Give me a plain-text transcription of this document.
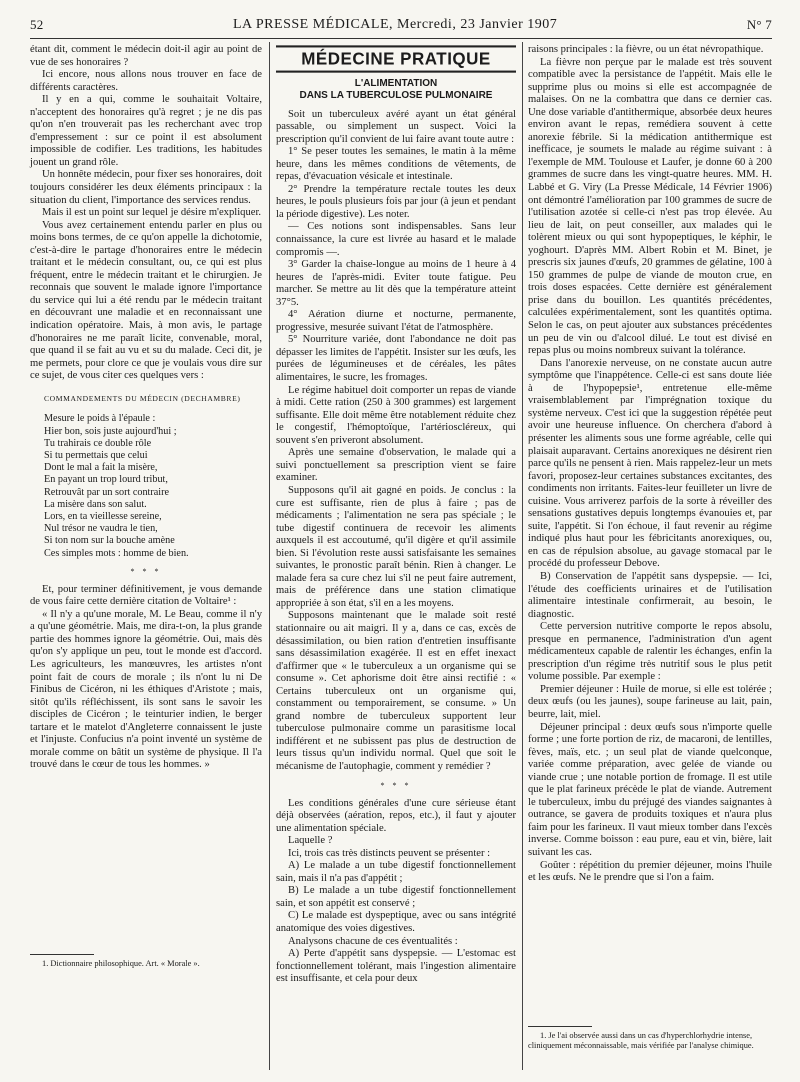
52	LA PRESSE MÉDICALE, Mercredi, 23 Janvier 1907	N° 7

étant dit, comment le médecin doit-il agir au point de vue de ses honoraires ?

Ici encore, nous allons nous trouver en face de différents caractères.

Il y en a qui, comme le souhaitait Voltaire, n'acceptent des honoraires qu'à regret ; je ne dis pas qu'on n'en trouverait pas les recherchant avec trop d'empressement : sur ce point il est absolument impossible de codifier. Les traditions, les habitudes jouent un grand rôle.

Un honnête médecin, pour fixer ses honoraires, doit toujours considérer les deux éléments principaux : la situation du client, l'importance des services rendus.

Mais il est un point sur lequel je désire m'expliquer.

Vous avez certainement entendu parler en plus ou moins bons termes, de ce qu'on appelle la dichotomie, c'est-à-dire le partage d'honoraires entre le médecin traitant et le médecin consultant, ou, ce qui est plus fréquent, entre le médecin traitant et le chirurgien. Je reconnais que souvent le malade ignore l'importance du service qui lui a été rendu par le médecin traitant en découvrant une maladie et en reconnaissant une indication opératoire. Mais, à mon avis, le partage d'honoraires ne me paraît licite, convenable, moral, que quand il se fait au vu et su du malade. Ceci dit, je me permets, pour clore ce que je voulais vous dire sur ce sujet, de vous citer ces quelques vers :

COMMANDEMENTS DU MÉDECIN (DECHAMBRE)

Mesure le poids à l'épaule :
Hier bon, sois juste aujourd'hui ;
Tu trahirais ce double rôle
Si tu permettais que celui
Dont le mal a fait la misère,
En payant un trop lourd tribut,
Retrouvât par un sort contraire
La misère dans son salut.
Lors, en ta vieillesse sereine,
Nul trésor ne vaudra le tien,
Si ton nom sur la bouche amène
Ces simples mots : homme de bien.
* * *

Et, pour terminer définitivement, je vous demande de vous faire cette dernière citation de Voltaire¹ :

« Il n'y a qu'une morale, M. Le Beau, comme il n'y a qu'une géométrie. Mais, me dira-t-on, la plus grande partie des hommes ignore la géométrie. Oui, mais dès qu'on s'y applique un peu, tout le monde est d'accord. Les agriculteurs, les manœuvres, les artistes n'ont point fait de cours de morale ; ils n'ont lu ni De Finibus de Cicéron, ni les éthiques d'Aristote ; mais, sitôt qu'ils réfléchissent, ils sont sans le savoir les disciples de Cicéron ; le teinturier indien, le berger tartare et le matelot d'Angleterre connaissent le juste et l'injuste. Confucius n'a point inventé un système de morale comme on bâtit un système de physique. Il l'a trouvé dans le cœur de tous les hommes. »

1. Dictionnaire philosophique. Art. « Morale ».

MÉDECINE PRATIQUE
L'ALIMENTATION
DANS LA TUBERCULOSE PULMONAIRE

Soit un tuberculeux avéré ayant un état général passable, ou simplement un suspect. Voici la prescription qu'il convient de lui faire avant toute autre :

1° Se peser toutes les semaines, le matin à la même heure, dans les mêmes conditions de vêtements, de repas, d'évacuation vésicale et intestinale.

2° Prendre la température rectale toutes les deux heures, le pouls plusieurs fois par jour (à jeun et pendant la période digestive). Les noter.

— Ces notions sont indispensables. Sans leur connaissance, la cure est livrée au hasard et le malade compromis —.

3° Garder la chaise-longue au moins de 1 heure à 4 heures de l'après-midi. Eviter toute fatigue. Peu marcher. Se mettre au lit dès que la température atteint 37°5.

4° Aération diurne et nocturne, permanente, progressive, mesurée suivant l'état de l'atmosphère.

5° Nourriture variée, dont l'abondance ne doit pas dépasser les limites de l'appétit. Insister sur les œufs, les purées de légumineuses et de céréales, les pâtes alimentaires, le sucre, les fromages.

Le régime habituel doit comporter un repas de viande à midi. Cette ration (250 à 300 grammes) est largement suffisante. Elle doit même être notablement réduite chez le congestif, l'hémoptoïque, l'artérioscléreux, qui souvent s'en priveront absolument.

Après une semaine d'observation, le malade qui a suivi ponctuellement sa prescription vient se faire examiner.

Supposons qu'il ait gagné en poids. Je conclus : la cure est suffisante, rien de plus à faire ; pas de médicaments ; l'alimentation ne sera pas spéciale ; le tube digestif continuera de recevoir les aliments auxquels il est accoutumé, qu'il digère et qu'il assimile bien. Si l'évolution reste aussi satisfaisante les semaines suivantes, le pronostic paraît bénin. Rien à changer. Le malade fera sa cure chez lui s'il ne peut faire autrement, mais de préférence dans une station climatique appropriée à son état, s'il en a les moyens.

Supposons maintenant que le malade soit resté stationnaire ou ait maigri. Il y a, dans ce cas, excès de désassimilation, ou bien ration d'entretien insuffisante sans désassimilation exagérée. Il est en effet inexact d'affirmer que « le tuberculeux a un organisme qui se consume ». Cet aphorisme doit être ainsi rectifié : « Certains tuberculeux ont un organisme qui, constamment ou temporairement, se consume. » Un grand nombre de tuberculeux supportent leur tuberculose pulmonaire comme un parasitisme local indifférent et ne subissent pas plus de destruction de leurs tissus qu'un individu normal. Quel que soit le mécanisme de l'autophagie, comment y remédier ?

* * *

Les conditions générales d'une cure sérieuse étant déjà observées (aération, repos, etc.), il faut y ajouter une alimentation spéciale.

Laquelle ?

Ici, trois cas très distincts peuvent se présenter :

A) Le malade a un tube digestif fonctionnellement sain, mais il n'a pas d'appétit ;

B) Le malade a un tube digestif fonctionnellement sain, et son appétit est conservé ;

C) Le malade est dyspeptique, avec ou sans intégrité anatomique des voies digestives.

Analysons chacune de ces éventualités :

A) Perte d'appétit sans dyspepsie. — L'estomac est fonctionnellement tolérant, mais l'ingestion alimentaire est insuffisante, et cela pour deux

raisons principales : la fièvre, ou un état névropathique.

La fièvre non perçue par le malade est très souvent compatible avec la persistance de l'appétit. Mais elle le supprime plus ou moins si elle est accompagnée de malaises. On ne la combattra que dans ce dernier cas. Une dose variable d'antithermique, absorbée deux heures environ avant le repas, remédiera souvent à cette anorexie fébrile. Si la médication antithermique est inefficace, je soumets le malade au régime suivant : à l'exemple de MM. Toulouse et Laufer, je donne 60 à 200 grammes de sucre dans les vingt-quatre heures. MM. H. Labbé et G. Viry (La Presse Médicale, 14 Février 1906) ont démontré l'amélioration par 100 grammes de sucre de l'utilisation azotée si celle-ci n'est pas trop élevée. Au lieu de lait, on peut conseiller, aux malades qui le tolèrent mieux ou qui sont hypopeptiques, le képhir, le yoghourt. D'après MM. Albert Robin et M. Binet, je prescris six jaunes d'œufs, 20 grammes de gélatine, 100 à 150 grammes de pulpe de viande de mouton crue, en trois doses espacées. Cette dernière est généralement prise dans du bouillon. Les quantités précédentes, calculées expérimentalement, sont les quantités optima. Selon le cas, on peut ajouter aux substances précédentes un peu de vin ou d'alcool dilué. Le tout est divisé en repas plus ou moins nombreux suivant la tolérance.

Dans l'anorexie nerveuse, on ne constate aucun autre symptôme que l'inappétence. Celle-ci est sans doute liée à de l'hypopepsie¹, entretenue elle-même vraisemblablement par l'imprégnation toxique du système nerveux. C'est ici que la suggestion répétée peut avoir une heureuse influence. On cherchera d'abord à présenter les aliments sous une forme agréable, celle qui plaisait auparavant. Certains anorexiques ne désirent rien parce qu'ils ne pensent à rien. Mais rappelez-leur un mets favori, proposez-leur certaines substances excitantes, des condiments non irritants. Faites-leur feuilleter un livre de cuisine. Vous arriverez parfois de la sorte à réveiller des sensations gustatives depuis longtemps évanouies et, par suite, l'appétit. Si l'on échoue, il faut revenir au régime indiqué plus haut pour les fébricitants anorexiques, ou, en cas de répulsion absolue, au gavage stomacal par le procédé du professeur Debove.

B) Conservation de l'appétit sans dyspepsie. — Ici, l'étude des coefficients urinaires et de l'utilisation alimentaire intestinale confirmerait, au besoin, le diagnostic.

Cette perversion nutritive comporte le repos absolu, presque en permanence, l'administration d'un agent médicamenteux capable de ralentir les échanges, enfin la prescription d'un régime très nutritif sous le plus petit volume possible. Par exemple :

Premier déjeuner : Huile de morue, si elle est tolérée ; deux œufs (ou les jaunes), soupe farineuse au lait, pain, beurre, lait, miel.

Déjeuner principal : deux œufs sous n'importe quelle forme ; une forte portion de riz, de macaroni, de lentilles, fèves, maïs, etc. ; un seul plat de viande quelconque, variée comme préparation, avec gelée de viande ou viande crue ; une notable portion de fromage. Il est utile que le plat farineux précède le plat de viande. Autrement le tuberculeux, imbu du préjugé des viandes saignantes à outrance, se gavera de produits toxiques et n'aura plus faim pour les farineux. Il vaut mieux tomber dans l'excès inverse. Comme boisson : eau pure, eau et vin, bière, lait suivant les cas.

Goûter : répétition du premier déjeuner, moins l'huile et les œufs. Ne le prendre que si l'on a faim.

1. Je l'ai observée aussi dans un cas d'hyperchlorhydrie intense, cliniquement méconnaissable, mais vérifiée par l'analyse chimique.
